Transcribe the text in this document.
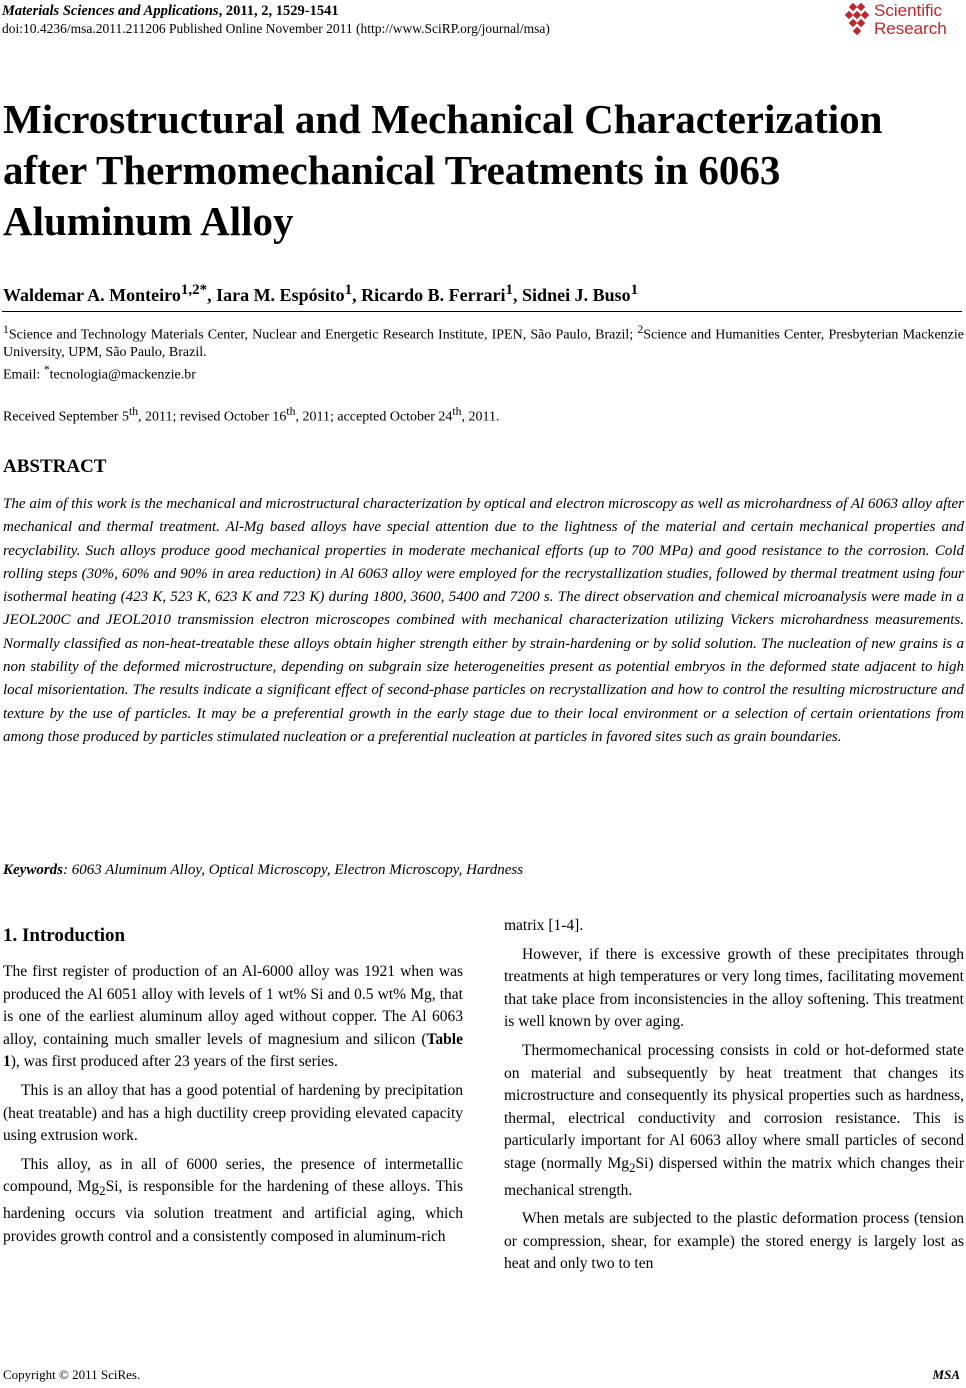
Materials Sciences and Applications, 2011, 2, 1529-1541
doi:10.4236/msa.2011.211206 Published Online November 2011 (http://www.SciRP.org/journal/msa)
Scientific
Research
Microstructural and Mechanical Characterization after Thermomechanical Treatments in 6063 Aluminum Alloy
Waldemar A. Monteiro$^{1,2*}$, Iara M. Espósito$^1$, Ricardo B. Ferrari$^1$, Sidnei J. Buso$^1$

$^1$Science and Technology Materials Center, Nuclear and Energetic Research Institute, IPEN, São Paulo, Brazil; $^2$Science and Humanities Center, Presbyterian Mackenzie University, UPM, São Paulo, Brazil.

Email: *tecnologia@mackenzie.br

Received September 5th, 2011; revised October 16th, 2011; accepted October 24th, 2011.
ABSTRACT

The aim of this work is the mechanical and microstructural characterization by optical and electron microscopy as well as microhardness of Al 6063 alloy after mechanical and thermal treatment. Al-Mg based alloys have special attention due to the lightness of the material and certain mechanical properties and recyclability. Such alloys produce good mechanical properties in moderate mechanical efforts (up to 700 MPa) and good resistance to the corrosion. Cold rolling steps (30%, 60% and 90% in area reduction) in Al 6063 alloy were employed for the recrystallization studies, followed by thermal treatment using four isothermal heating (423 K, 523 K, 623 K and 723 K) during 1800, 3600, 5400 and 7200 s. The direct observation and chemical microanalysis were made in a JEOL200C and JEOL2010 transmission electron microscopes combined with mechanical characterization utilizing Vickers microhardness measurements. Normally classified as non-heat-treatable these alloys obtain higher strength either by strain-hardening or by solid solution. The nucleation of new grains is a non stability of the deformed microstructure, depending on subgrain size heterogeneities present as potential embryos in the deformed state adjacent to high local misorientation. The results indicate a significant effect of second-phase particles on recrystallization and how to control the resulting microstructure and texture by the use of particles. It may be a preferential growth in the early stage due to their local environment or a selection of certain orientations from among those produced by particles stimulated nucleation or a preferential nucleation at particles in favored sites such as grain boundaries.

Keywords: 6063 Aluminum Alloy, Optical Microscopy, Electron Microscopy, Hardness
1. Introduction

The first register of production of an Al-6000 alloy was 1921 when was produced the Al 6051 alloy with levels of 1 wt% Si and 0.5 wt% Mg, that is one of the earliest aluminum alloy aged without copper. The Al 6063 alloy, containing much smaller levels of magnesium and silicon (Table 1), was first produced after 23 years of the first series.

This is an alloy that has a good potential of hardening by precipitation (heat treatable) and has a high ductility creep providing elevated capacity using extrusion work.

This alloy, as in all of 6000 series, the presence of intermetallic compound, $Mg_2Si$, is responsible for the hardening of these alloys. This hardening occurs via solution treatment and artificial aging, which provides growth control and a consistently composed in aluminum-rich

matrix [1-4].

However, if there is excessive growth of these precipitates through treatments at high temperatures or very long times, facilitating movement that take place from inconsistencies in the alloy softening. This treatment is well known by over aging.

Thermomechanical processing consists in cold or hot-deformed state on material and subsequently by heat treatment that changes its microstructure and consequently its physical properties such as hardness, thermal, electrical conductivity and corrosion resistance. This is particularly important for Al 6063 alloy where small particles of second stage (normally $Mg_2Si$) dispersed within the matrix which changes their mechanical strength.

When metals are subjected to the plastic deformation process (tension or compression, shear, for example) the stored energy is largely lost as heat and only two to ten

Copyright © 2011 SciRes.	MSA
